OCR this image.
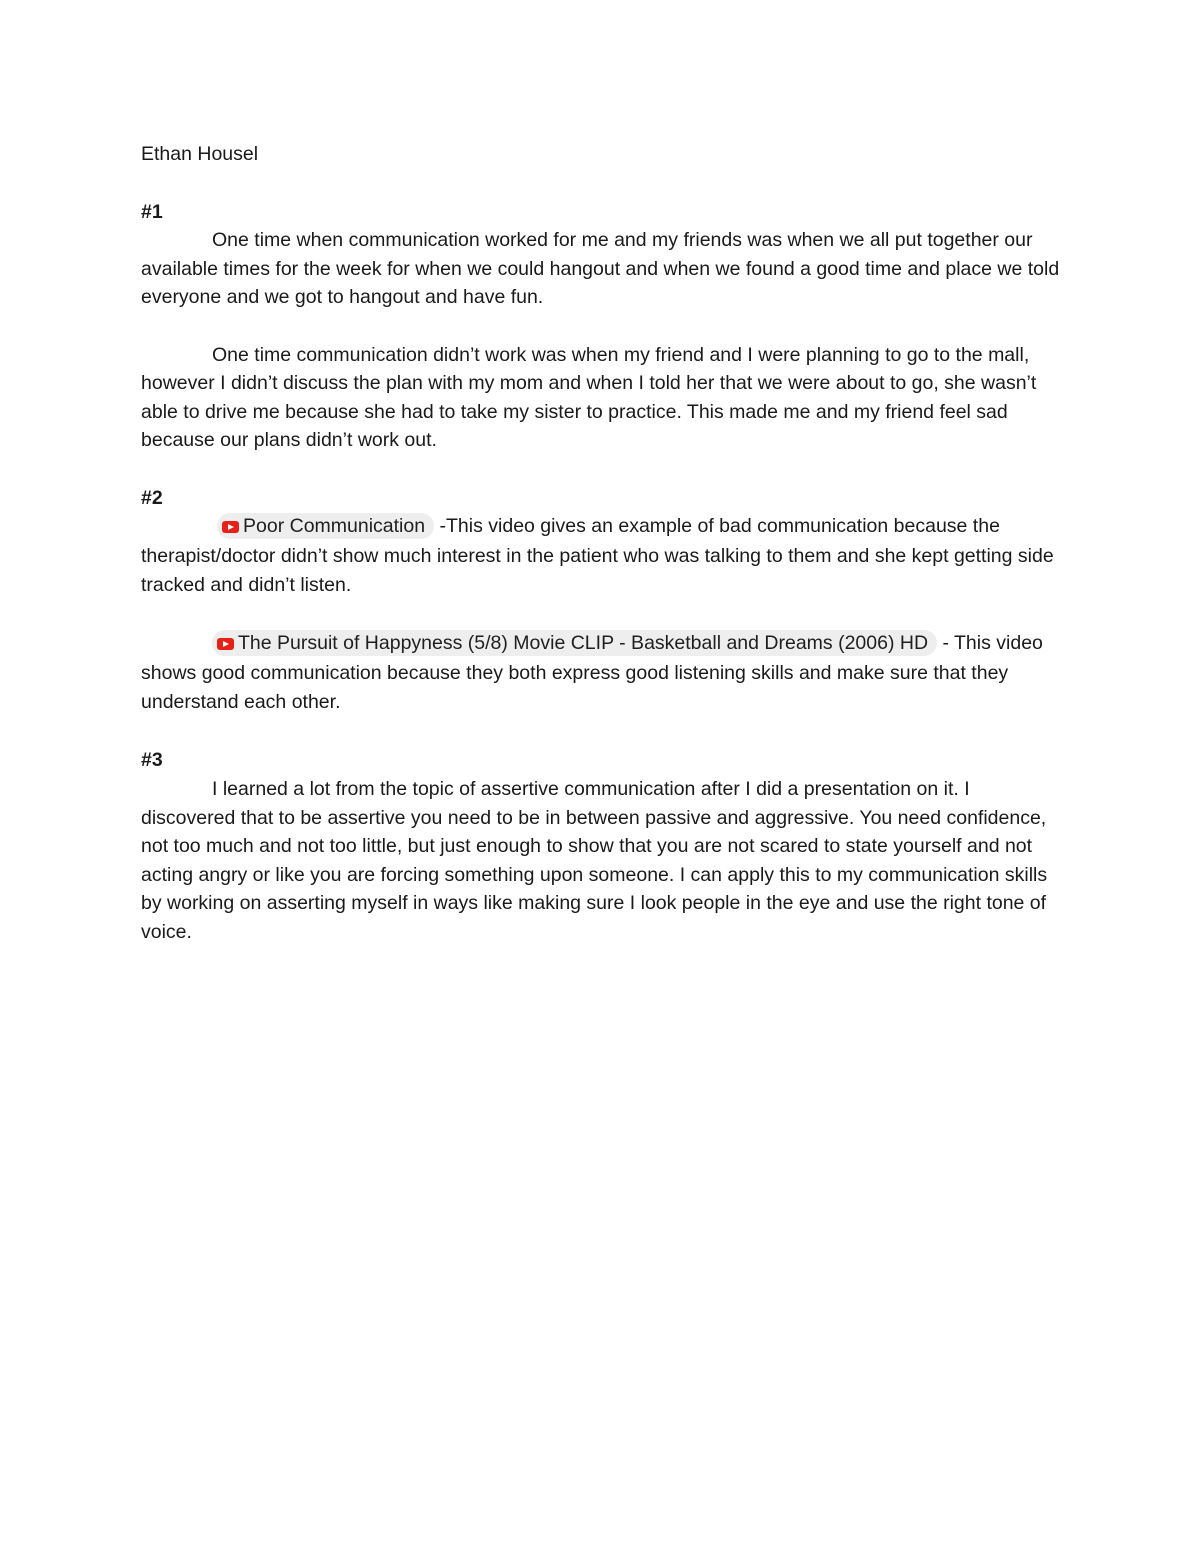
Ethan Housel

#1

One time when communication worked for me and my friends was when we all put together our available times for the week for when we could hangout and when we found a good time and place we told everyone and we got to hangout and have fun.

One time communication didn’t work was when my friend and I were planning to go to the mall, however I didn’t discuss the plan with my mom and when I told her that we were about to go, she wasn’t able to drive me because she had to take my sister to practice. This made me and my friend feel sad because our plans didn’t work out.

#2

Poor Communication -This video gives an example of bad communication because the therapist/doctor didn’t show much interest in the patient who was talking to them and she kept getting side tracked and didn’t listen.

The Pursuit of Happyness (5/8) Movie CLIP - Basketball and Dreams (2006) HD - This video shows good communication because they both express good listening skills and make sure that they understand each other.

#3

I learned a lot from the topic of assertive communication after I did a presentation on it. I discovered that to be assertive you need to be in between passive and aggressive. You need confidence, not too much and not too little, but just enough to show that you are not scared to state yourself and not acting angry or like you are forcing something upon someone. I can apply this to my communication skills by working on asserting myself in ways like making sure I look people in the eye and use the right tone of voice.
